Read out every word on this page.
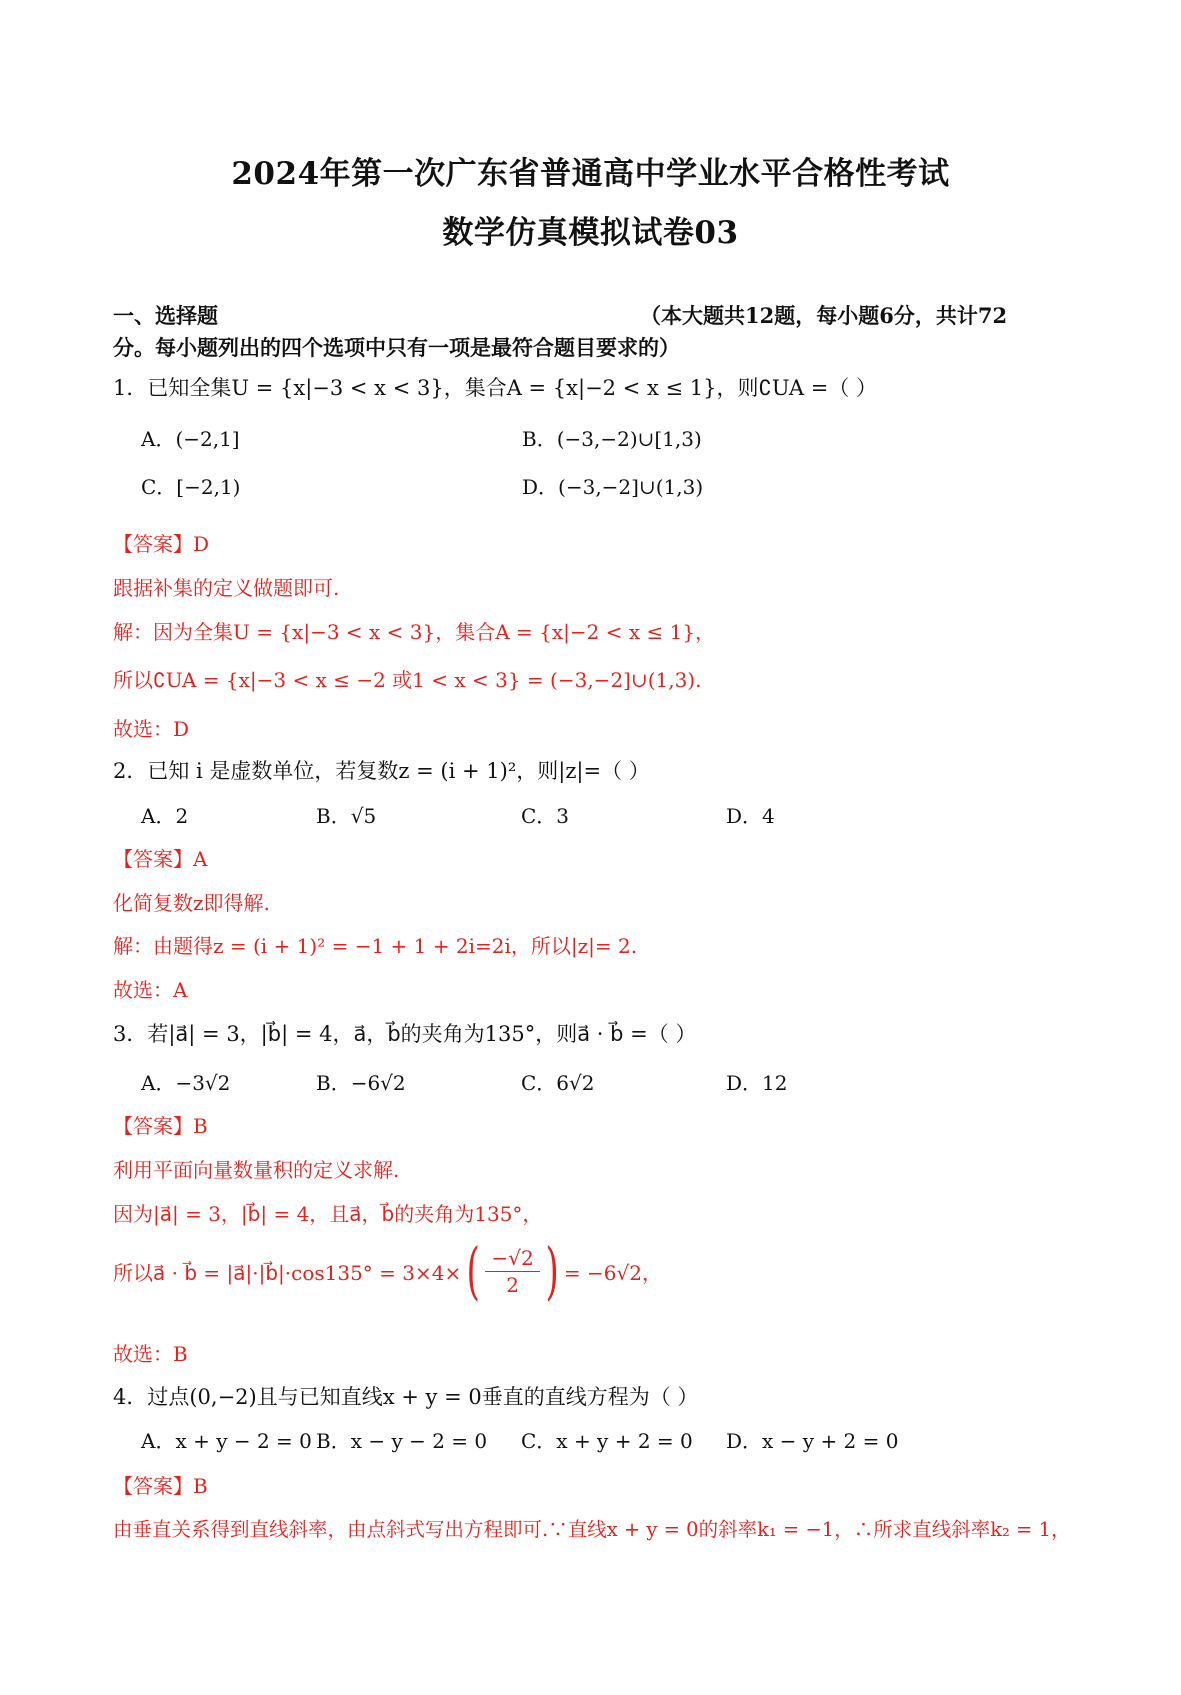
2024年第一次广东省普通高中学业水平合格性考试
数学仿真模拟试卷03
一、选择题	（本大题共12题，每小题6分，共计72
分。每小题列出的四个选项中只有一项是最符合题目要求的）
1．已知全集U = {x|−3 < x < 3}，集合A = {x|−2 < x ≤ 1}，则∁UA =（ ）
A．(−2,1]	B．(−3,−2)∪[1,3)
C．[−2,1)	D．(−3,−2]∪(1,3)
【答案】D
跟据补集的定义做题即可.
解：因为全集U = {x|−3 < x < 3}，集合A = {x|−2 < x ≤ 1}，
所以∁UA = {x|−3 < x ≤ −2 或1 < x < 3} = (−3,−2]∪(1,3).
故选：D
2．已知 i 是虚数单位，若复数z = (i + 1)²，则|z|=（ ）
A．2	B．√5	C．3	D．4
【答案】A
化简复数z即得解.
解：由题得z = (i + 1)² = −1 + 1 + 2i=2i，所以|z|= 2.
故选：A
3．若|a⃗| = 3，|b⃗| = 4，a⃗，b⃗的夹角为135°，则a⃗ · b⃗ =（ ）
A．−3√2	B．−6√2	C．6√2	D．12
【答案】B
利用平面向量数量积的定义求解.
因为|a⃗| = 3，|b⃗| = 4，且a⃗，b⃗的夹角为135°，
所以a⃗ · b⃗ = |a⃗|·|b⃗|·cos135° = 3×4× ( $\frac{-√2}{2}$ ) = −6√2，
故选：B
4．过点(0,−2)且与已知直线x + y = 0垂直的直线方程为（ ）
A．x + y − 2 = 0 B．x − y − 2 = 0 C．x + y + 2 = 0 D．x − y + 2 = 0
【答案】B
由垂直关系得到直线斜率，由点斜式写出方程即可.∵直线x + y = 0的斜率k₁ = −1，∴所求直线斜率k₂ = 1，
